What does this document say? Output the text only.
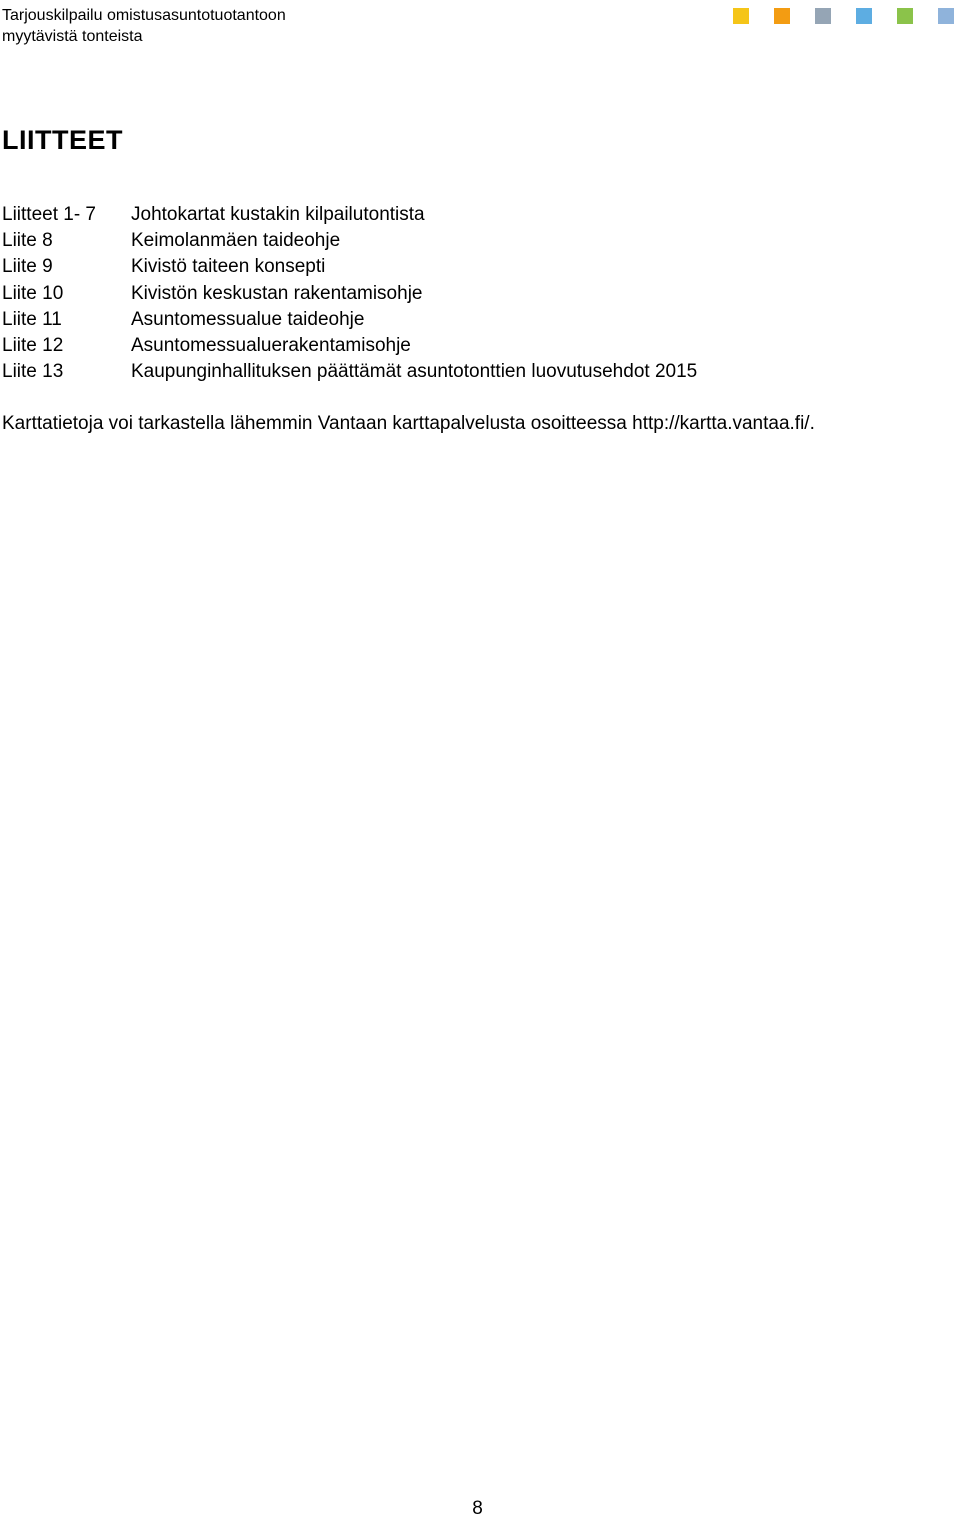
Tarjouskilpailu omistusasuntotuotantoon
myytävistä tonteista
LIITTEET
Liitteet 1- 7	Johtokartat kustakin kilpailutontista
Liite 8	Keimolanmäen taideohje
Liite 9	Kivistö taiteen konsepti
Liite 10	Kivistön keskustan rakentamisohje
Liite 11	Asuntomessualue taideohje
Liite 12	Asuntomessualuerakentamisohje
Liite 13	Kaupunginhallituksen päättämät asuntotonttien luovutusehdot 2015
Karttatietoja voi tarkastella lähemmin Vantaan karttapalvelusta osoitteessa http://kartta.vantaa.fi/.
8
